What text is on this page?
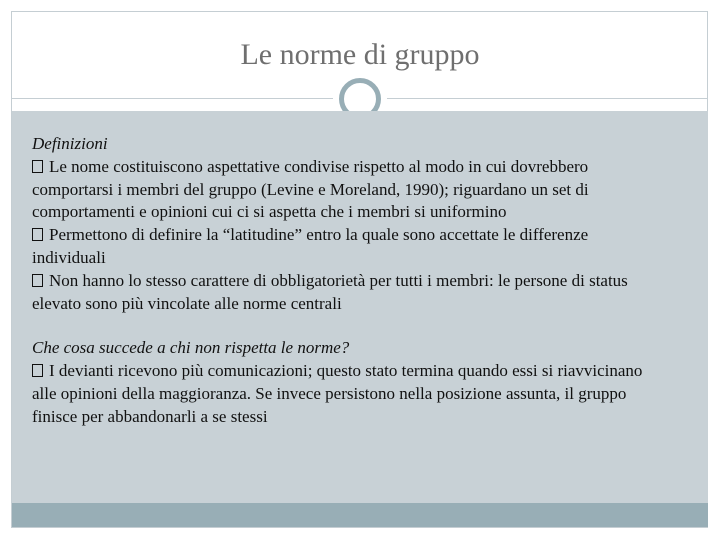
Le norme di gruppo

Definizioni

Le nome costituiscono aspettative condivise rispetto al modo in cui dovrebbero comportarsi i membri del gruppo (Levine e Moreland, 1990); riguardano un set di comportamenti e opinioni cui ci si aspetta che i membri si uniformino

Permettono di definire la “latitudine” entro la quale sono accettate le differenze individuali

Non hanno lo stesso carattere di obbligatorietà per tutti i membri: le persone di status elevato sono più vincolate alle norme centrali

Che cosa succede a chi non rispetta le norme?

I devianti ricevono più comunicazioni; questo stato termina quando essi si riavvicinano alle opinioni della maggioranza. Se invece persistono nella posizione assunta, il gruppo finisce per abbandonarli a se stessi
